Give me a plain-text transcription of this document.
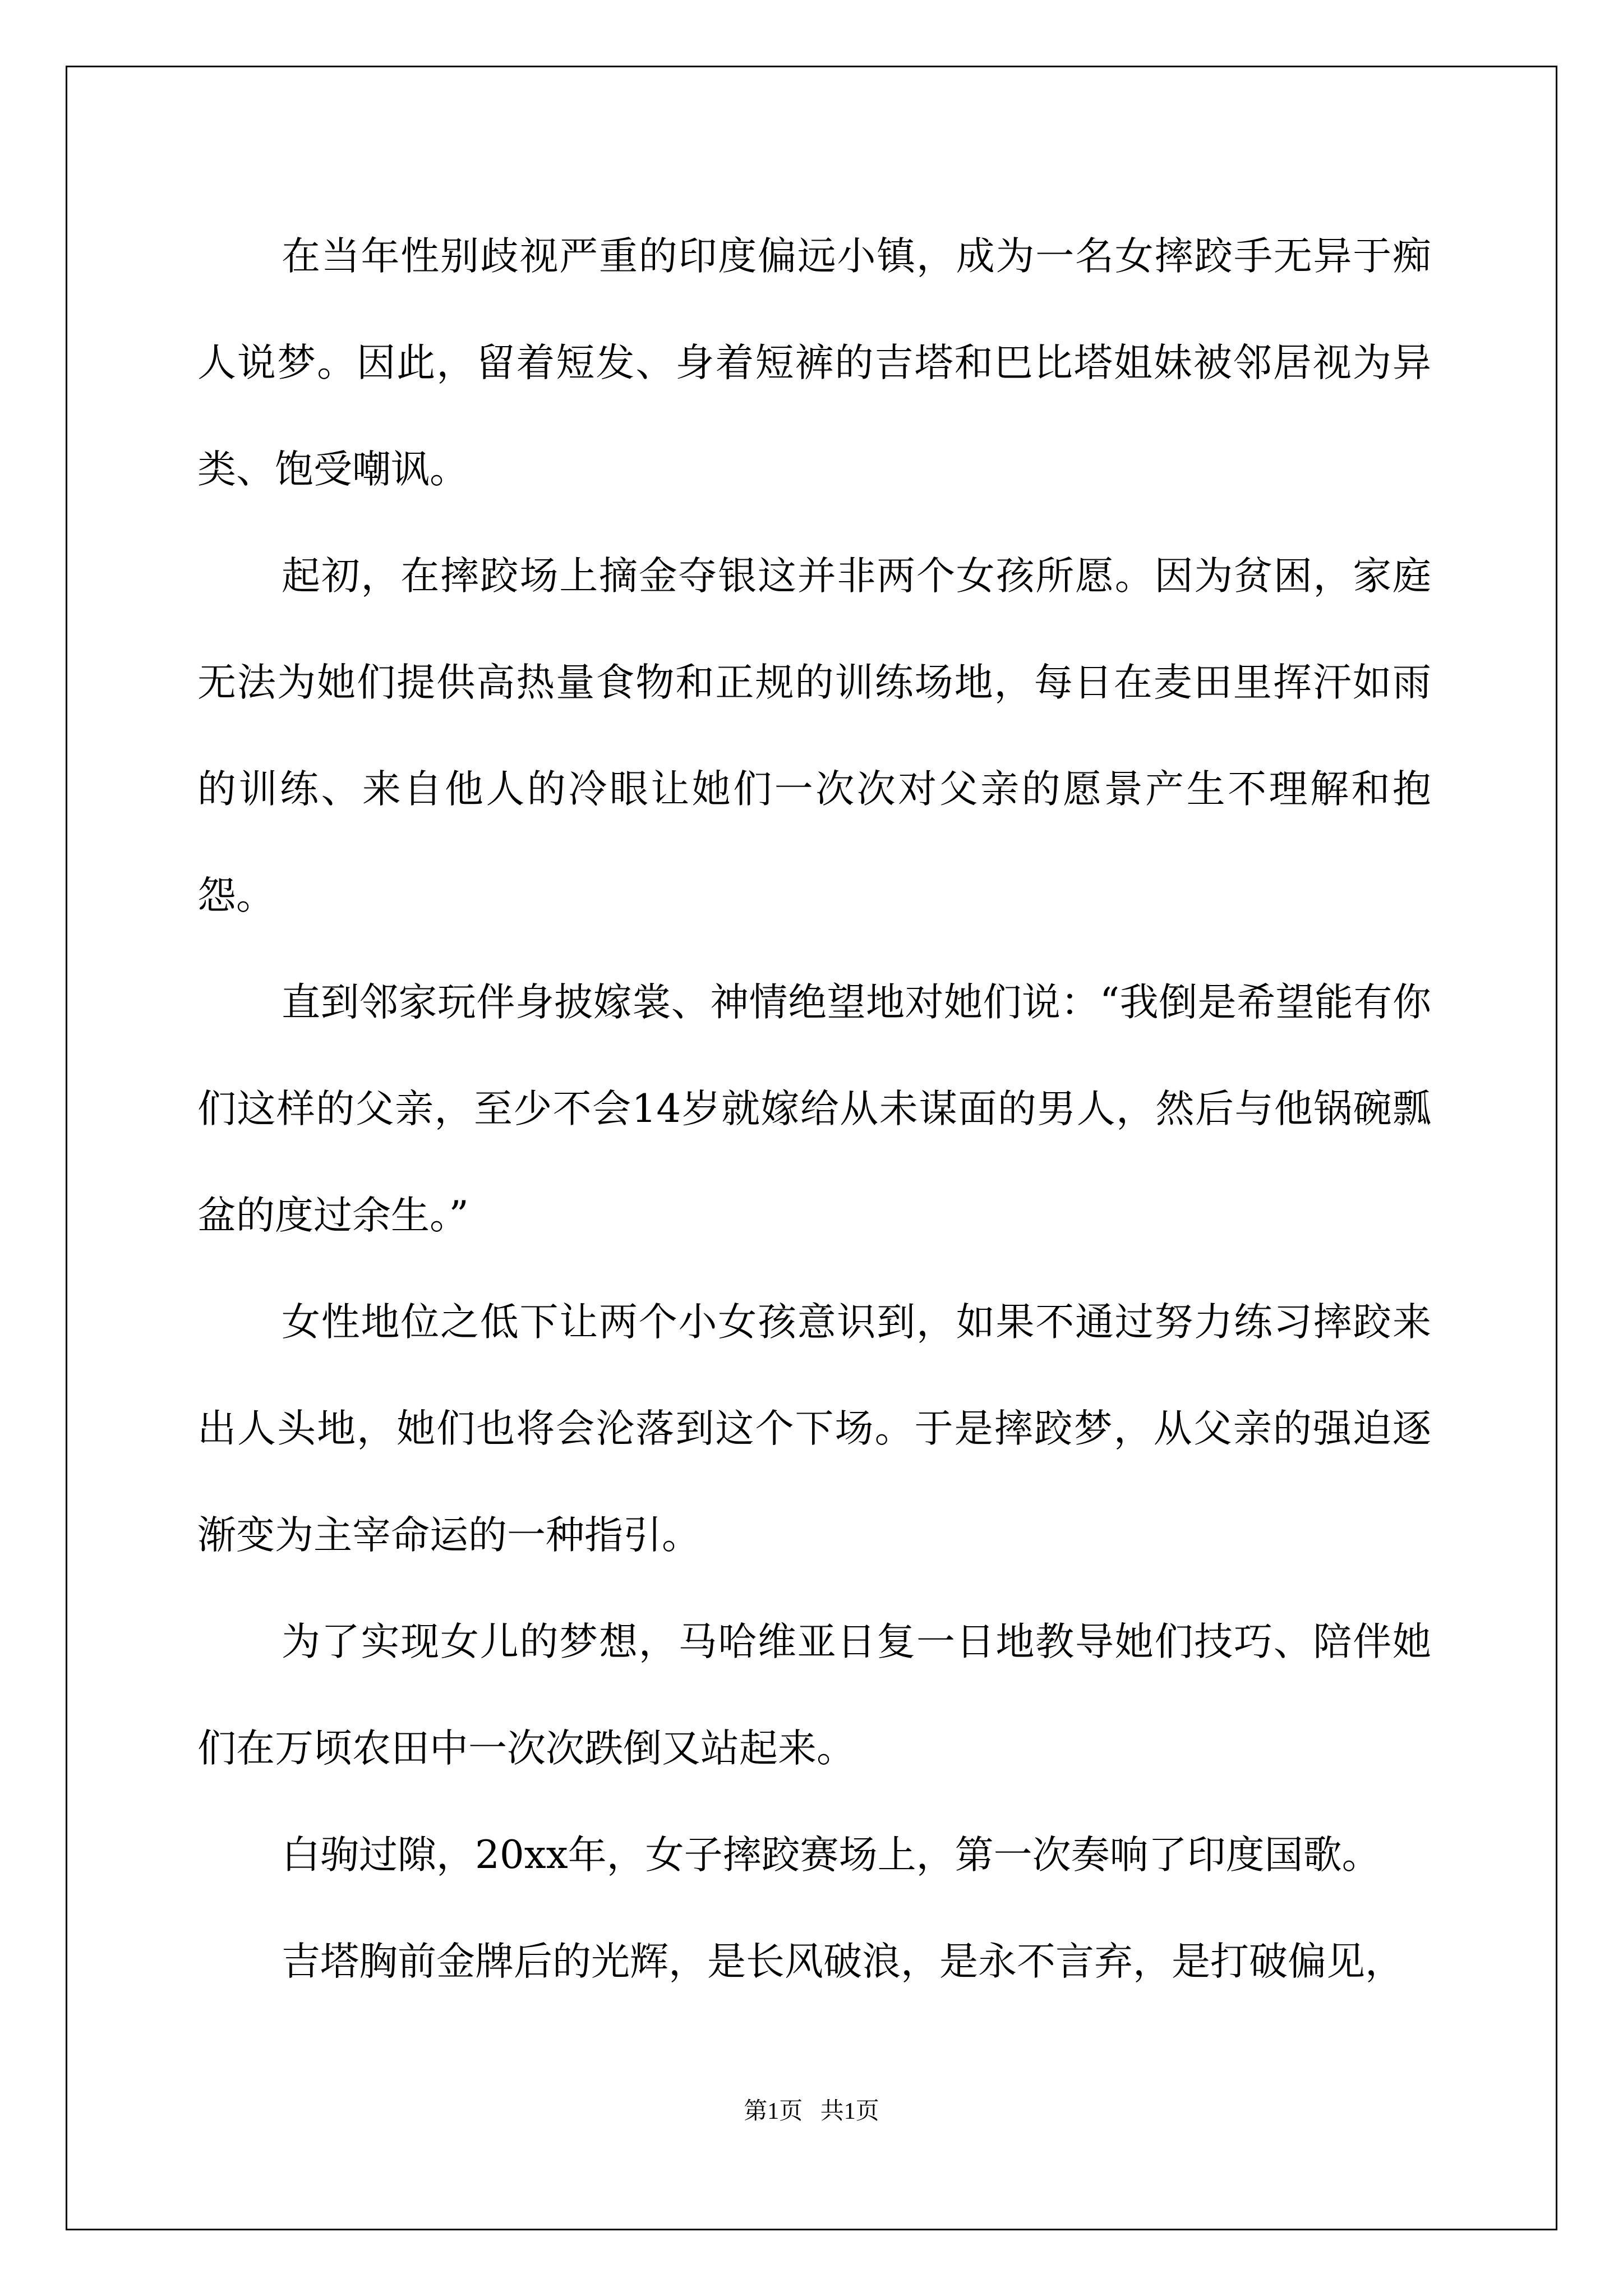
在当年性别歧视严重的印度偏远小镇，成为一名女摔跤手无异于痴人说梦。因此，留着短发、身着短裤的吉塔和巴比塔姐妹被邻居视为异类、饱受嘲讽。

起初，在摔跤场上摘金夺银这并非两个女孩所愿。因为贫困，家庭无法为她们提供高热量食物和正规的训练场地，每日在麦田里挥汗如雨的训练、来自他人的冷眼让她们一次次对父亲的愿景产生不理解和抱怨。

直到邻家玩伴身披嫁裳、神情绝望地对她们说：“我倒是希望能有你们这样的父亲，至少不会14岁就嫁给从未谋面的男人，然后与他锅碗瓢盆的度过余生。”

女性地位之低下让两个小女孩意识到，如果不通过努力练习摔跤来出人头地，她们也将会沦落到这个下场。于是摔跤梦，从父亲的强迫逐渐变为主宰命运的一种指引。

为了实现女儿的梦想，马哈维亚日复一日地教导她们技巧、陪伴她们在万顷农田中一次次跌倒又站起来。

白驹过隙，20xx年，女子摔跤赛场上，第一次奏响了印度国歌。

吉塔胸前金牌后的光辉，是长风破浪，是永不言弃，是打破偏见，

第1页   共1页
